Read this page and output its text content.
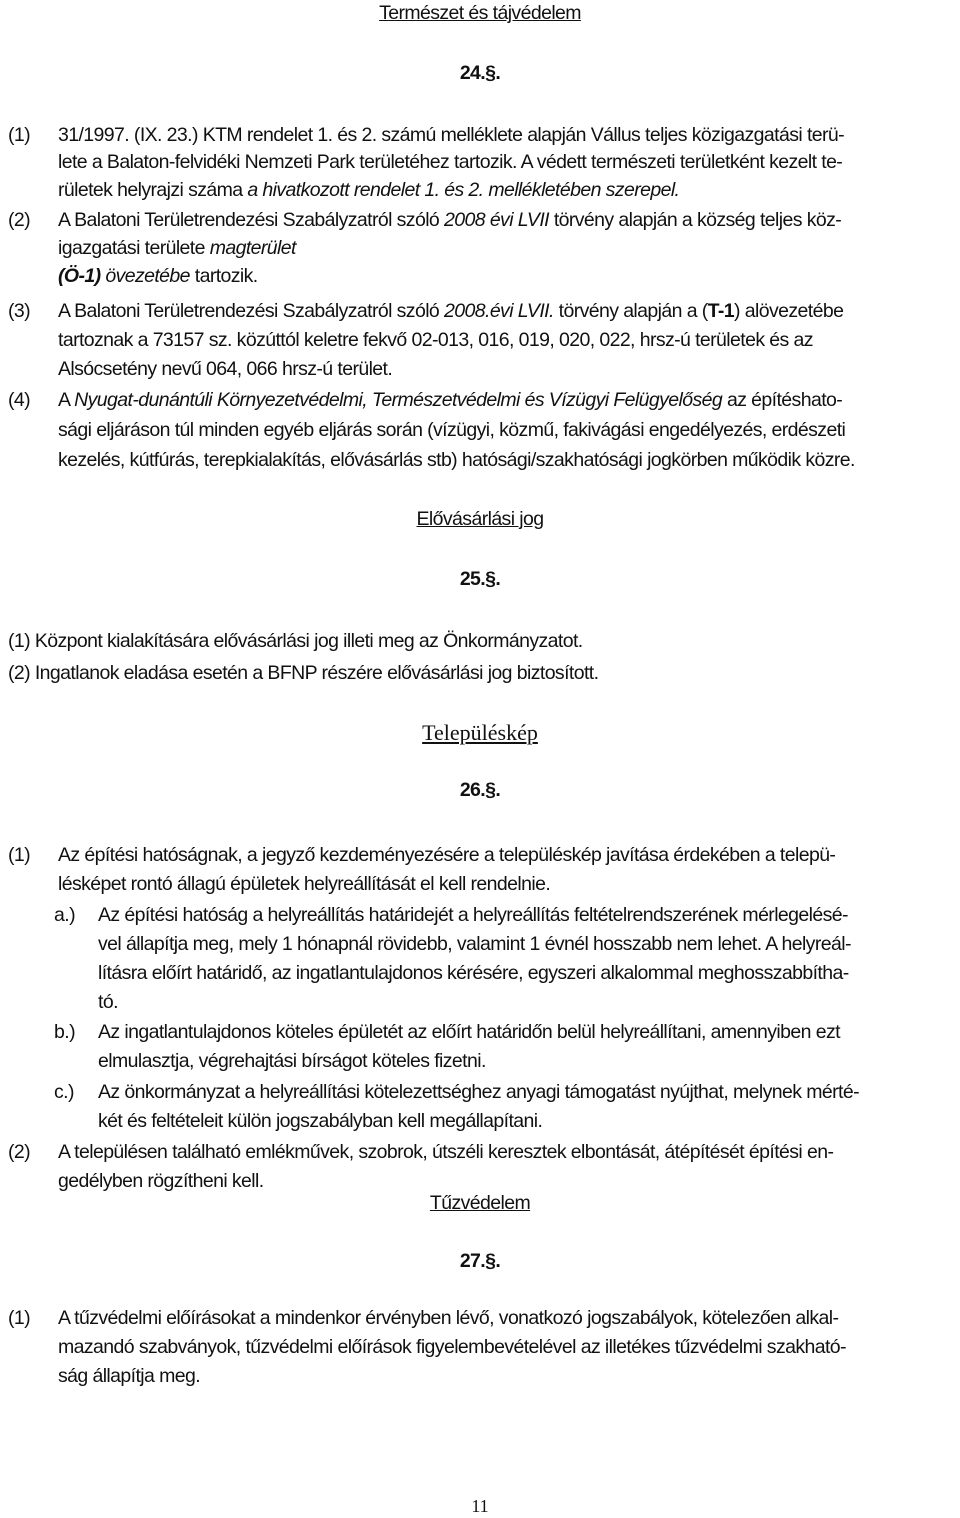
Természet és tájvédelem
24.§.
(1) 31/1997. (IX. 23.) KTM rendelet 1. és 2. számú melléklete alapján Vállus teljes közigazgatási terü-
lete a Balaton-felvidéki Nemzeti Park területéhez tartozik. A védett természeti területként kezelt te-
rületek helyrajzi száma a hivatkozott rendelet 1. és 2. mellékletében szerepel.
(2) A Balatoni Területrendezési Szabályzatról szóló 2008 évi LVII törvény alapján a község teljes köz-
igazgatási területe magterület
(Ö-1) övezetébe tartozik.
(3) A Balatoni Területrendezési Szabályzatról szóló 2008.évi LVII. törvény alapján a (T-1) alövezetébe
tartoznak a 73157 sz. közúttól keletre fekvő 02-013, 016, 019, 020, 022, hrsz-ú területek és az
Alsócsetény nevű 064, 066 hrsz-ú terület.
(4) A Nyugat-dunántúli Környezetvédelmi, Természetvédelmi és Vízügyi Felügyelőség az építéshato-
sági eljáráson túl minden egyéb eljárás során (vízügyi, közmű, fakivágási engedélyezés, erdészeti
kezelés, kútfúrás, terepkialakítás, elővásárlás stb) hatósági/szakhatósági jogkörben működik közre.
Elővásárlási jog
25.§.
(1) Központ kialakítására elővásárlási jog illeti meg az Önkormányzatot.
(2) Ingatlanok eladása esetén a BFNP részére elővásárlási jog biztosított.
Településkép
26.§.
(1) Az építési hatóságnak, a jegyző kezdeményezésére a településkép javítása érdekében a telepü-
lésképet rontó állagú épületek helyreállítását el kell rendelnie.
a.) Az építési hatóság a helyreállítás határidejét a helyreállítás feltételrendszerének mérlegelésé-
vel állapítja meg, mely 1 hónapnál rövidebb, valamint 1 évnél hosszabb nem lehet. A helyreál-
lításra előírt határidő, az ingatlantulajdonos kérésére, egyszeri alkalommal meghosszabbítha-
tó.
b.) Az ingatlantulajdonos köteles épületét az előírt határidőn belül helyreállítani, amennyiben ezt
elmulasztja, végrehajtási bírságot köteles fizetni.
c.) Az önkormányzat a helyreállítási kötelezettséghez anyagi támogatást nyújthat, melynek mérté-
két és feltételeit külön jogszabályban kell megállapítani.
(2) A településen található emlékművek, szobrok, útszéli keresztek elbontását, átépítését építési en-
gedélyben rögzítheni kell.
Tűzvédelem
27.§.
(1) A tűzvédelmi előírásokat a mindenkor érvényben lévő, vonatkozó jogszabályok, kötelezően alkal-
mazandó szabványok, tűzvédelmi előírások figyelembevételével az illetékes tűzvédelmi szakható-
ság állapítja meg.
11
